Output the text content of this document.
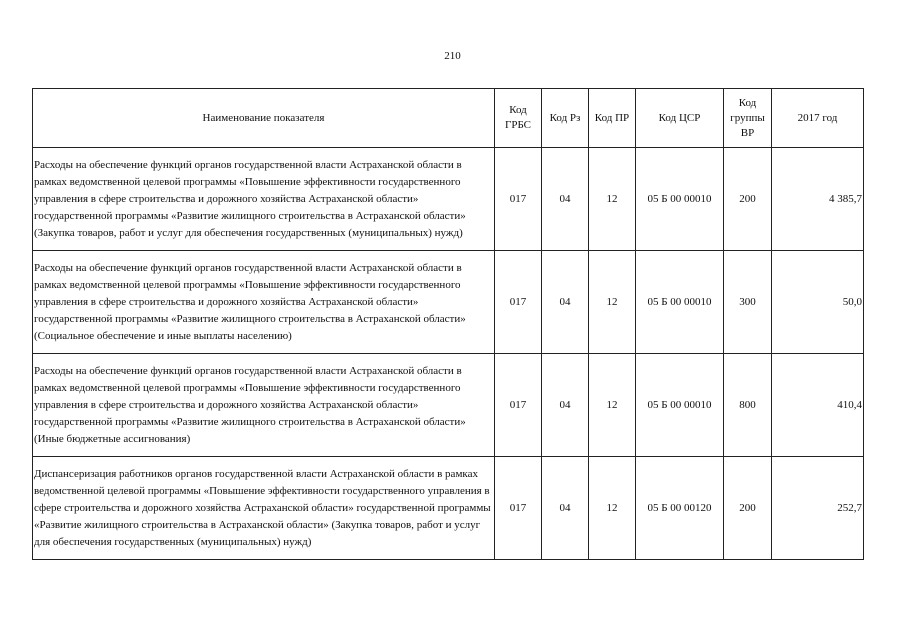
210
Наименование показателя	Код ГРБС	Код Рз	Код ПР	Код ЦСР	Код группы ВР	2017 год
Расходы на обеспечение функций органов государственной власти Астраханской области в рамках ведомственной целевой программы «Повышение эффективности государственного управления в сфере строительства и дорожного хозяйства Астраханской области» государственной программы «Развитие жилищного строительства в Астраханской области» (Закупка товаров, работ и услуг для обеспечения государственных (муниципальных) нужд)	017	04	12	05 Б 00 00010	200	4 385,7
Расходы на обеспечение функций органов государственной власти Астраханской области в рамках ведомственной целевой программы «Повышение эффективности государственного управления в сфере строительства и дорожного хозяйства Астраханской области» государственной программы «Развитие жилищного строительства в Астраханской области» (Социальное обеспечение и иные выплаты населению)	017	04	12	05 Б 00 00010	300	50,0
Расходы на обеспечение функций органов государственной власти Астраханской области в рамках ведомственной целевой программы «Повышение эффективности государственного управления в сфере строительства и дорожного хозяйства Астраханской области» государственной программы «Развитие жилищного строительства в Астраханской области» (Иные бюджетные ассигнования)	017	04	12	05 Б 00 00010	800	410,4
Диспансеризация работников органов государственной власти Астраханской области в рамках ведомственной целевой программы «Повышение эффективности государственного управления в сфере строительства и дорожного хозяйства Астраханской области» государственной программы «Развитие жилищного строительства в Астраханской области» (Закупка товаров, работ и услуг для обеспечения государственных (муниципальных) нужд)	017	04	12	05 Б 00 00120	200	252,7
